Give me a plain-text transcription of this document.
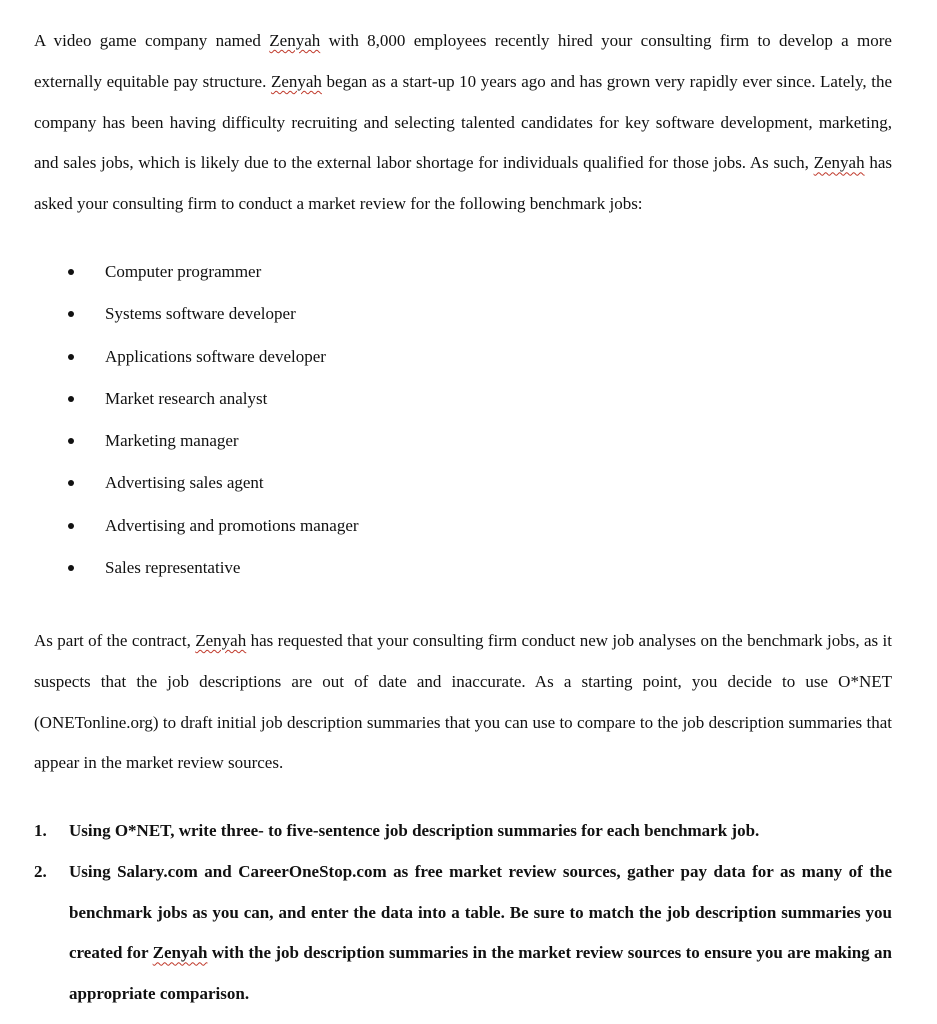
A video game company named Zenyah with 8,000 employees recently hired your consulting firm to develop a more externally equitable pay structure. Zenyah began as a start-up 10 years ago and has grown very rapidly ever since. Lately, the company has been having difficulty recruiting and selecting talented candidates for key software development, marketing, and sales jobs, which is likely due to the external labor shortage for individuals qualified for those jobs. As such, Zenyah has asked your consulting firm to conduct a market review for the following benchmark jobs:

Computer programmer
Systems software developer
Applications software developer
Market research analyst
Marketing manager
Advertising sales agent
Advertising and promotions manager
Sales representative

As part of the contract, Zenyah has requested that your consulting firm conduct new job analyses on the benchmark jobs, as it suspects that the job descriptions are out of date and inaccurate. As a starting point, you decide to use O*NET (ONETonline.org) to draft initial job description summaries that you can use to compare to the job description summaries that appear in the market review sources.

1. Using O*NET, write three- to five-sentence job description summaries for each benchmark job.
2. Using Salary.com and CareerOneStop.com as free market review sources, gather pay data for as many of the benchmark jobs as you can, and enter the data into a table. Be sure to match the job description summaries you created for Zenyah with the job description summaries in the market review sources to ensure you are making an appropriate comparison.
